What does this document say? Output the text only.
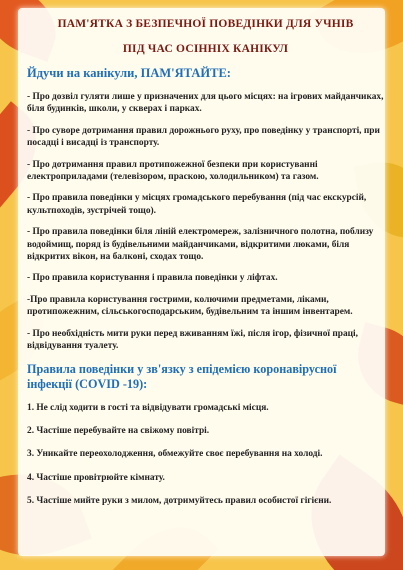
ПАМ'ЯТКА З БЕЗПЕЧНОЇ ПОВЕДІНКИ ДЛЯ УЧНІВ

ПІД ЧАС ОСІННІХ КАНІКУЛ

Йдучи на канікули, ПАМ'ЯТАЙТЕ:

- Про дозвіл гуляти лише у призначених для цього місцях: на ігрових майданчиках, біля будинків, школи, у скверах і парках.

- Про суворе дотримання правил дорожнього руху, про поведінку у транспорті, при посадці і висадці із транспорту.

- Про дотримання правил протипожежної безпеки при користуванні електроприладами (телевізором, праскою, холодильником) та газом.

- Про правила поведінки у місцях громадського перебування (під час екскурсій, культпоходів, зустрічей тощо).

- Про правила поведінки біля ліній електромереж, залізничного полотна, поблизу водоймищ, поряд із будівельними майданчиками, відкритими люками, біля відкритих вікон, на балконі, сходах тощо.

- Про правила користування і правила поведінки у ліфтах.

-Про правила користування гострими, колючими предметами, ліками, протипожежним, сільськогосподарським, будівельним та іншим інвентарем.

- Про необхідність мити руки перед вживанням їжі, після ігор, фізичної праці, відвідування туалету.

Правила поведінки у зв'язку з епідемією коронавірусної інфекції (COVID -19):

1. Не слід ходити в гості та відвідувати громадські місця.

2. Частіше перебувайте на свіжому повітрі.

3. Уникайте переохолодження, обмежуйте своє перебування на холоді.

4. Частіше провітрюйте кімнату.

5. Частіше мийте руки з милом, дотримуйтесь правил особистої гігієни.
